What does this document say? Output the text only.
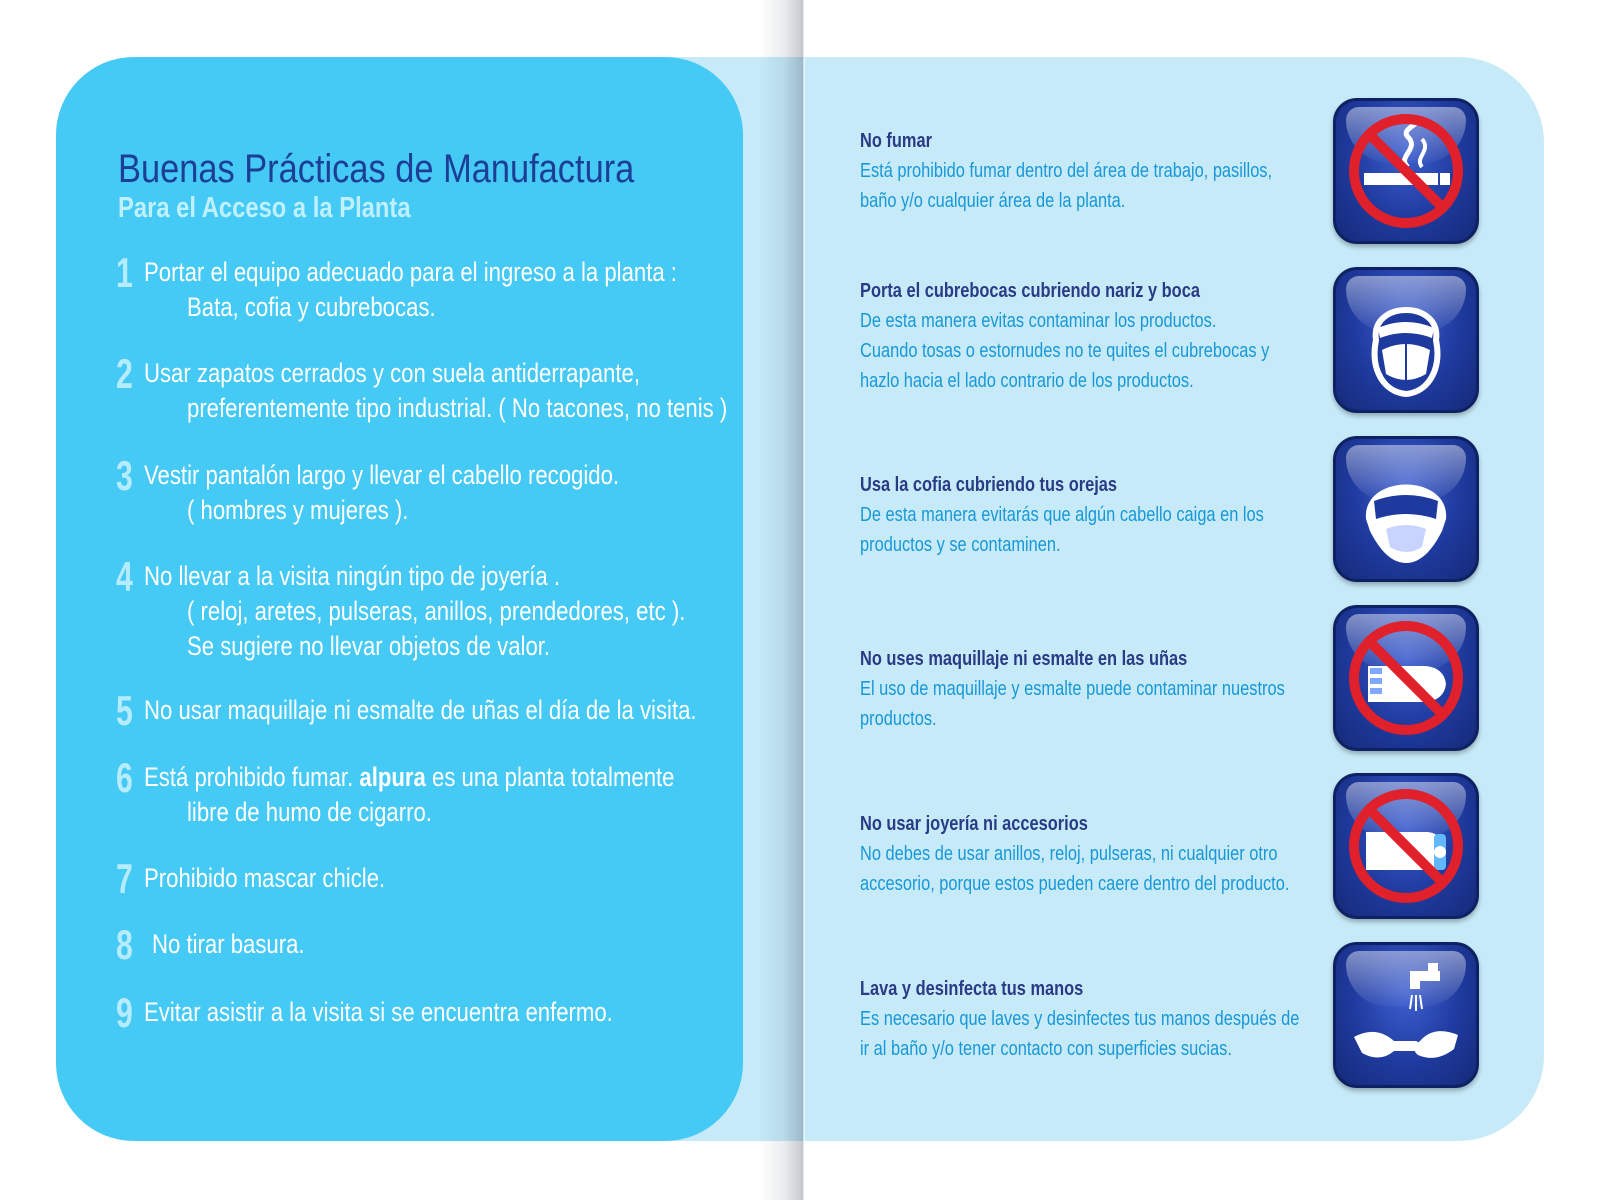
Buenas Prácticas de Manufactura
Para el Acceso a la Planta
1 Portar el equipo adecuado para el ingreso a la planta :
Bata, cofia y cubrebocas.
2 Usar zapatos cerrados y con suela antiderrapante,
preferentemente tipo industrial. ( No tacones, no tenis )
3 Vestir pantalón largo y llevar el cabello recogido.
( hombres y mujeres ).
4 No llevar a la visita ningún tipo de joyería .
( reloj, aretes, pulseras, anillos, prendedores, etc ).
Se sugiere no llevar objetos de valor.
5 No usar maquillaje ni esmalte de uñas el día de la visita.
6 Está prohibido fumar. alpura es una planta totalmente
libre de humo de cigarro.
7 Prohibido mascar chicle.
8 No tirar basura.
9 Evitar asistir a la visita si se encuentra enfermo.
No fumar
Está prohibido fumar dentro del área de trabajo, pasillos,
baño y/o cualquier área de la planta.
Porta el cubrebocas cubriendo nariz y boca
De esta manera evitas contaminar los productos.
Cuando tosas o estornudes no te quites el cubrebocas y
hazlo hacia el lado contrario de los productos.
Usa la cofia cubriendo tus orejas
De esta manera evitarás que algún cabello caiga en los
productos y se contaminen.
No uses maquillaje ni esmalte en las uñas
El uso de maquillaje y esmalte puede contaminar nuestros
productos.
No usar joyería ni accesorios
No debes de usar anillos, reloj, pulseras, ni cualquier otro
accesorio, porque estos pueden caere dentro del producto.
Lava y desinfecta tus manos
Es necesario que laves y desinfectes tus manos después de
ir al baño y/o tener contacto con superficies sucias.
